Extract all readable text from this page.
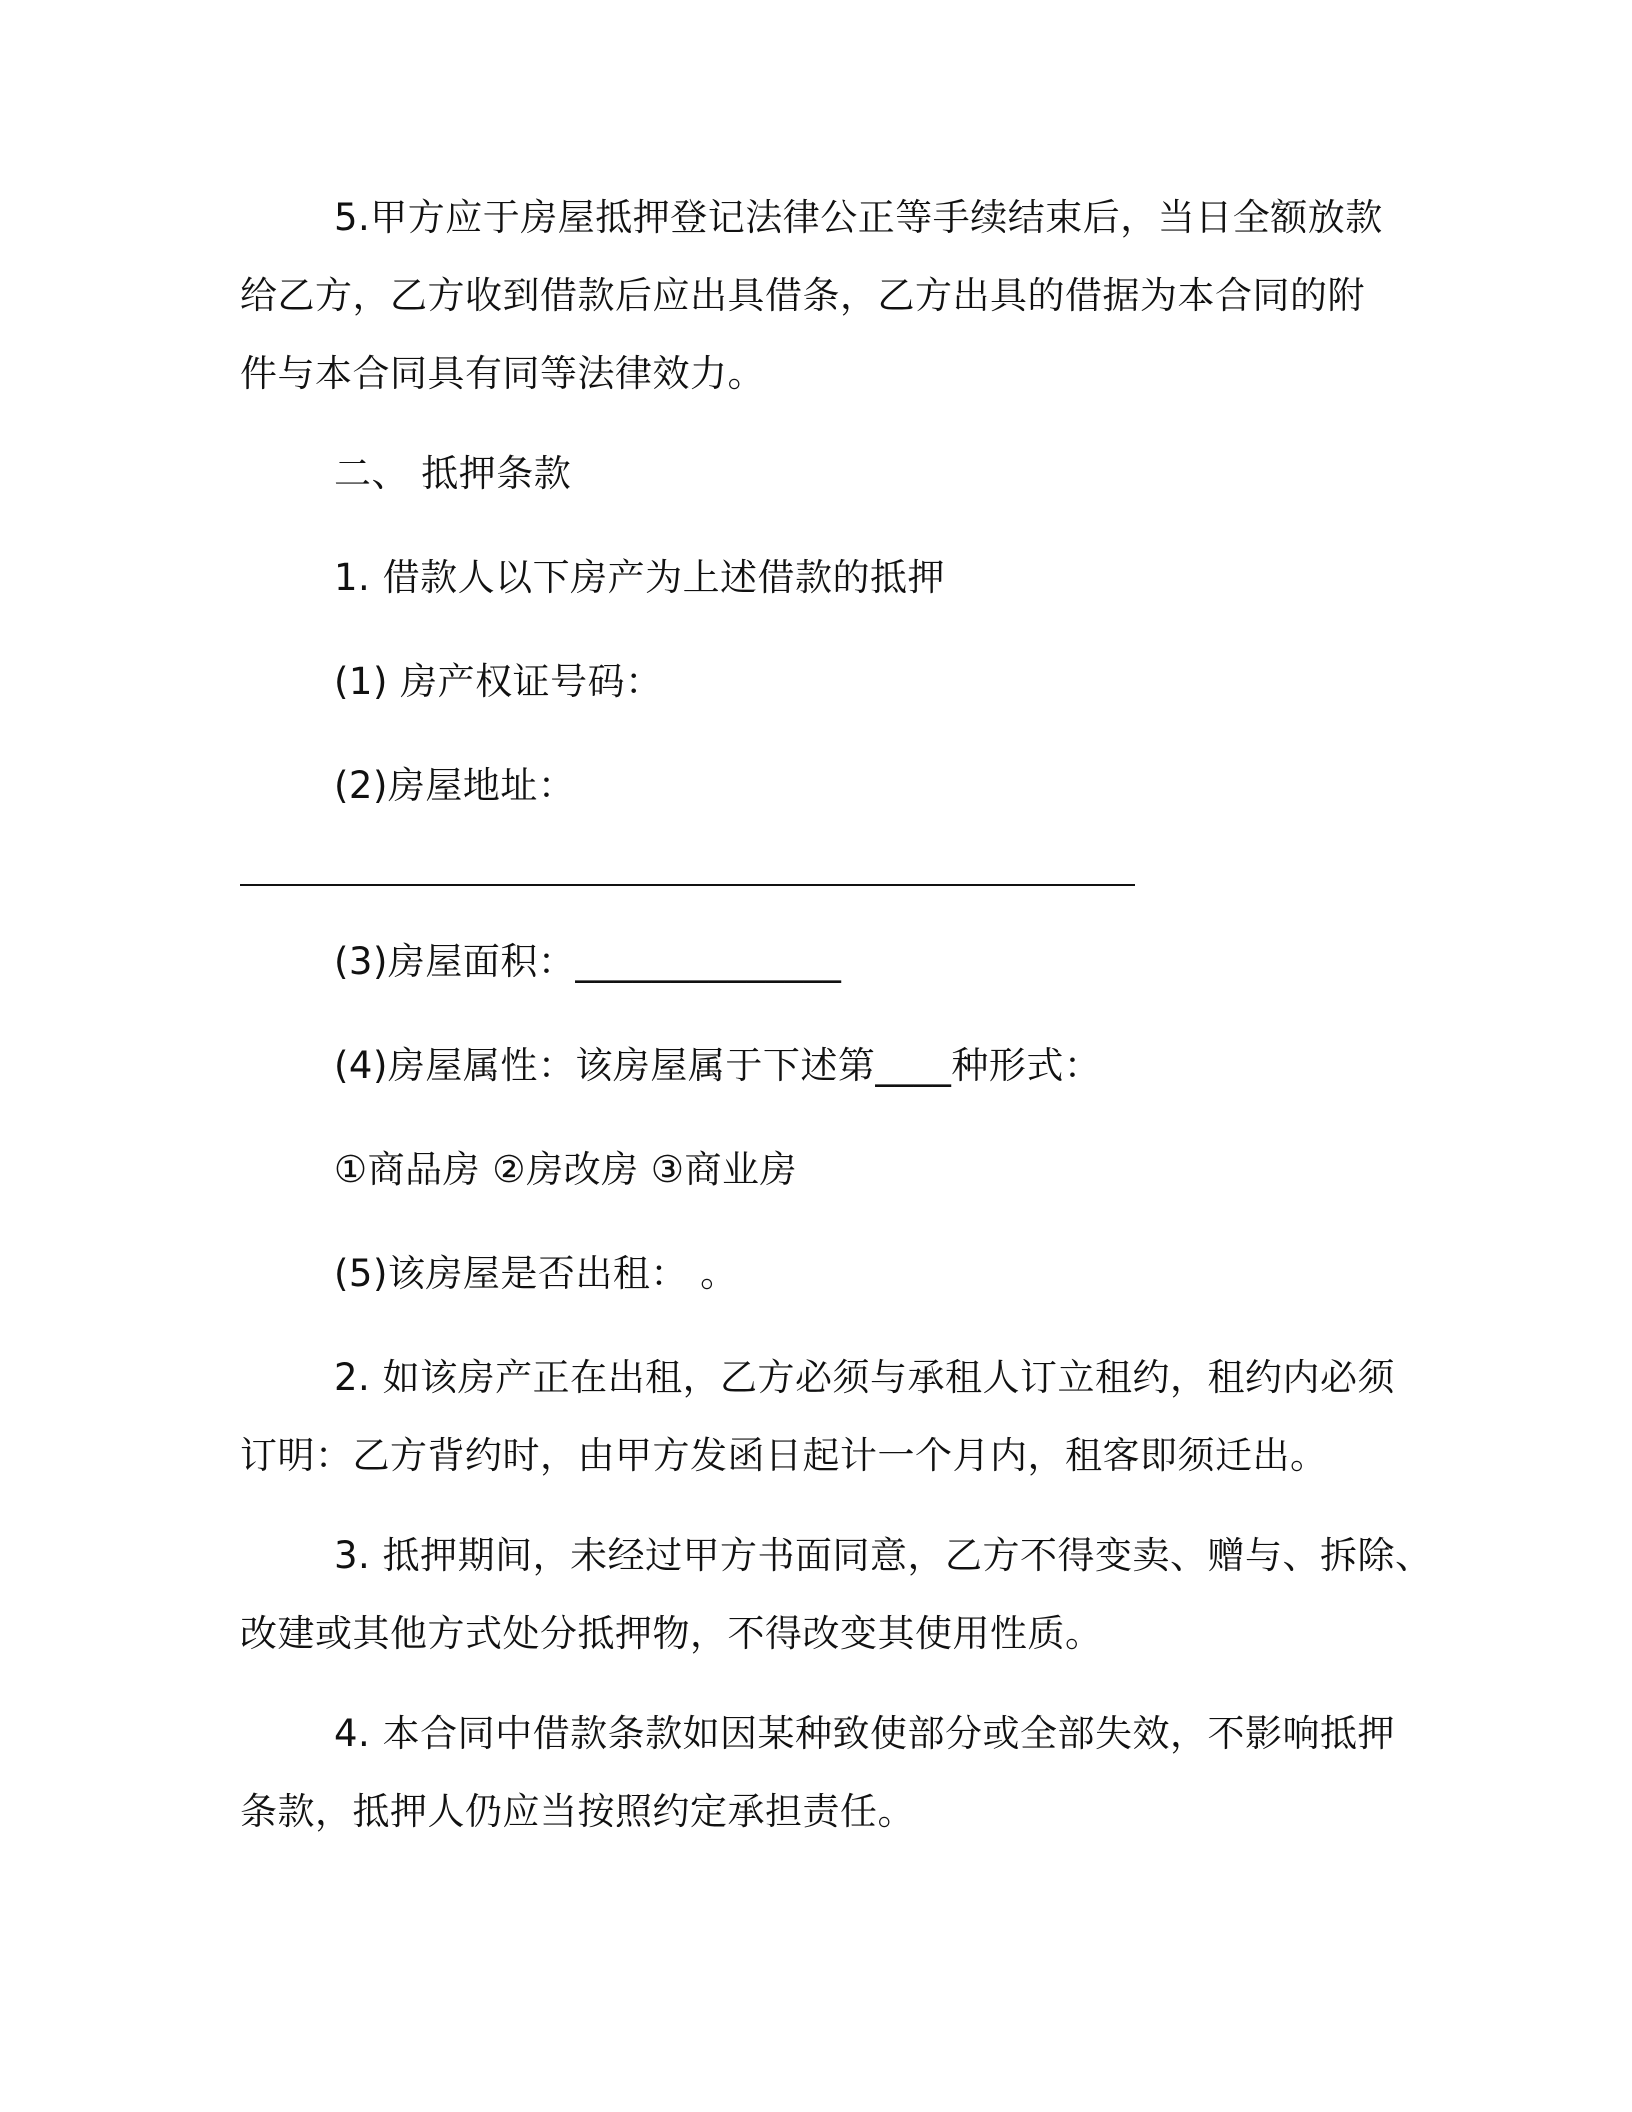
5.甲方应于房屋抵押登记法律公正等手续结束后，当日全额放款
给乙方，乙方收到借款后应出具借条，乙方出具的借据为本合同的附
件与本合同具有同等法律效力。
二、 抵押条款
1. 借款人以下房产为上述借款的抵押
(1) 房产权证号码：
(2)房屋地址：
(3)房屋面积：______________
(4)房屋属性：该房屋属于下述第____种形式：
①商品房 ②房改房 ③商业房
(5)该房屋是否出租： 。
2. 如该房产正在出租，乙方必须与承租人订立租约，租约内必须
订明：乙方背约时，由甲方发函日起计一个月内，租客即须迁出。
3. 抵押期间，未经过甲方书面同意，乙方不得变卖、赠与、拆除、
改建或其他方式处分抵押物，不得改变其使用性质。
4. 本合同中借款条款如因某种致使部分或全部失效，不影响抵押
条款，抵押人仍应当按照约定承担责任。
